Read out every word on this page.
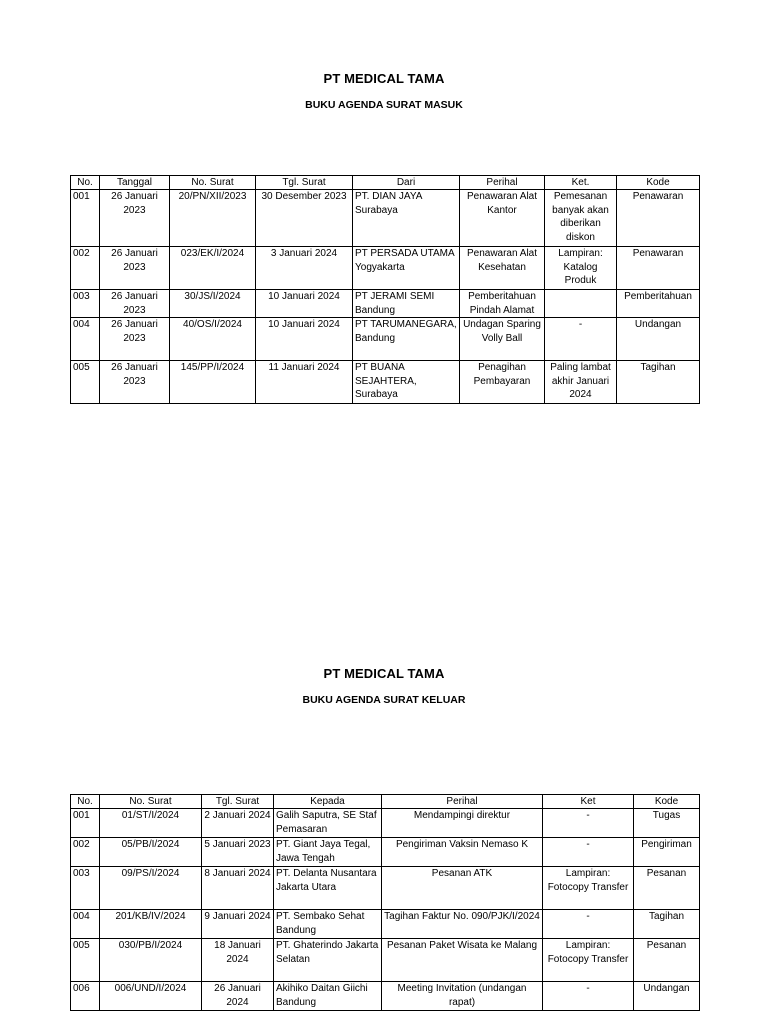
PT MEDICAL TAMA
BUKU AGENDA SURAT MASUK
No.	Tanggal	No. Surat	Tgl. Surat	Dari	Perihal	Ket.	Kode
001	26 Januari 2023	20/PN/XII/2023	30 Desember 2023	PT. DIAN JAYA Surabaya	Penawaran Alat Kantor	Pemesanan banyak akan diberikan diskon	Penawaran
002	26 Januari 2023	023/EK/I/2024	3 Januari 2024	PT PERSADA UTAMA Yogyakarta	Penawaran Alat Kesehatan	Lampiran: Katalog Produk	Penawaran
003	26 Januari 2023	30/JS/I/2024	10 Januari 2024	PT JERAMI SEMI Bandung	Pemberitahuan Pindah Alamat		Pemberitahuan
004	26 Januari 2023	40/OS/I/2024	10 Januari 2024	PT TARUMANEGARA, Bandung	Undagan Sparing Volly Ball	-	Undangan
005	26 Januari 2023	145/PP/I/2024	11 Januari 2024	PT BUANA SEJAHTERA, Surabaya	Penagihan Pembayaran	Paling lambat akhir Januari 2024	Tagihan
PT MEDICAL TAMA
BUKU AGENDA SURAT KELUAR
No.	No. Surat	Tgl. Surat	Kepada	Perihal	Ket	Kode
001	01/ST/I/2024	2 Januari 2024	Galih Saputra, SE Staf Pemasaran	Mendampingi direktur	-	Tugas
002	05/PB/I/2024	5 Januari 2023	PT. Giant Jaya Tegal, Jawa Tengah	Pengiriman Vaksin Nemaso K	-	Pengiriman
003	09/PS/I/2024	8 Januari 2024	PT. Delanta Nusantara Jakarta Utara	Pesanan ATK	Lampiran: Fotocopy Transfer	Pesanan
004	201/KB/IV/2024	9 Januari 2024	PT. Sembako Sehat Bandung	Tagihan Faktur No. 090/PJK/I/2024	-	Tagihan
005	030/PB/I/2024	18 Januari 2024	PT. Ghaterindo Jakarta Selatan	Pesanan Paket Wisata ke Malang	Lampiran: Fotocopy Transfer	Pesanan
006	006/UND/I/2024	26 Januari 2024	Akihiko Daitan Giichi Bandung	Meeting Invitation (undangan rapat)	-	Undangan
